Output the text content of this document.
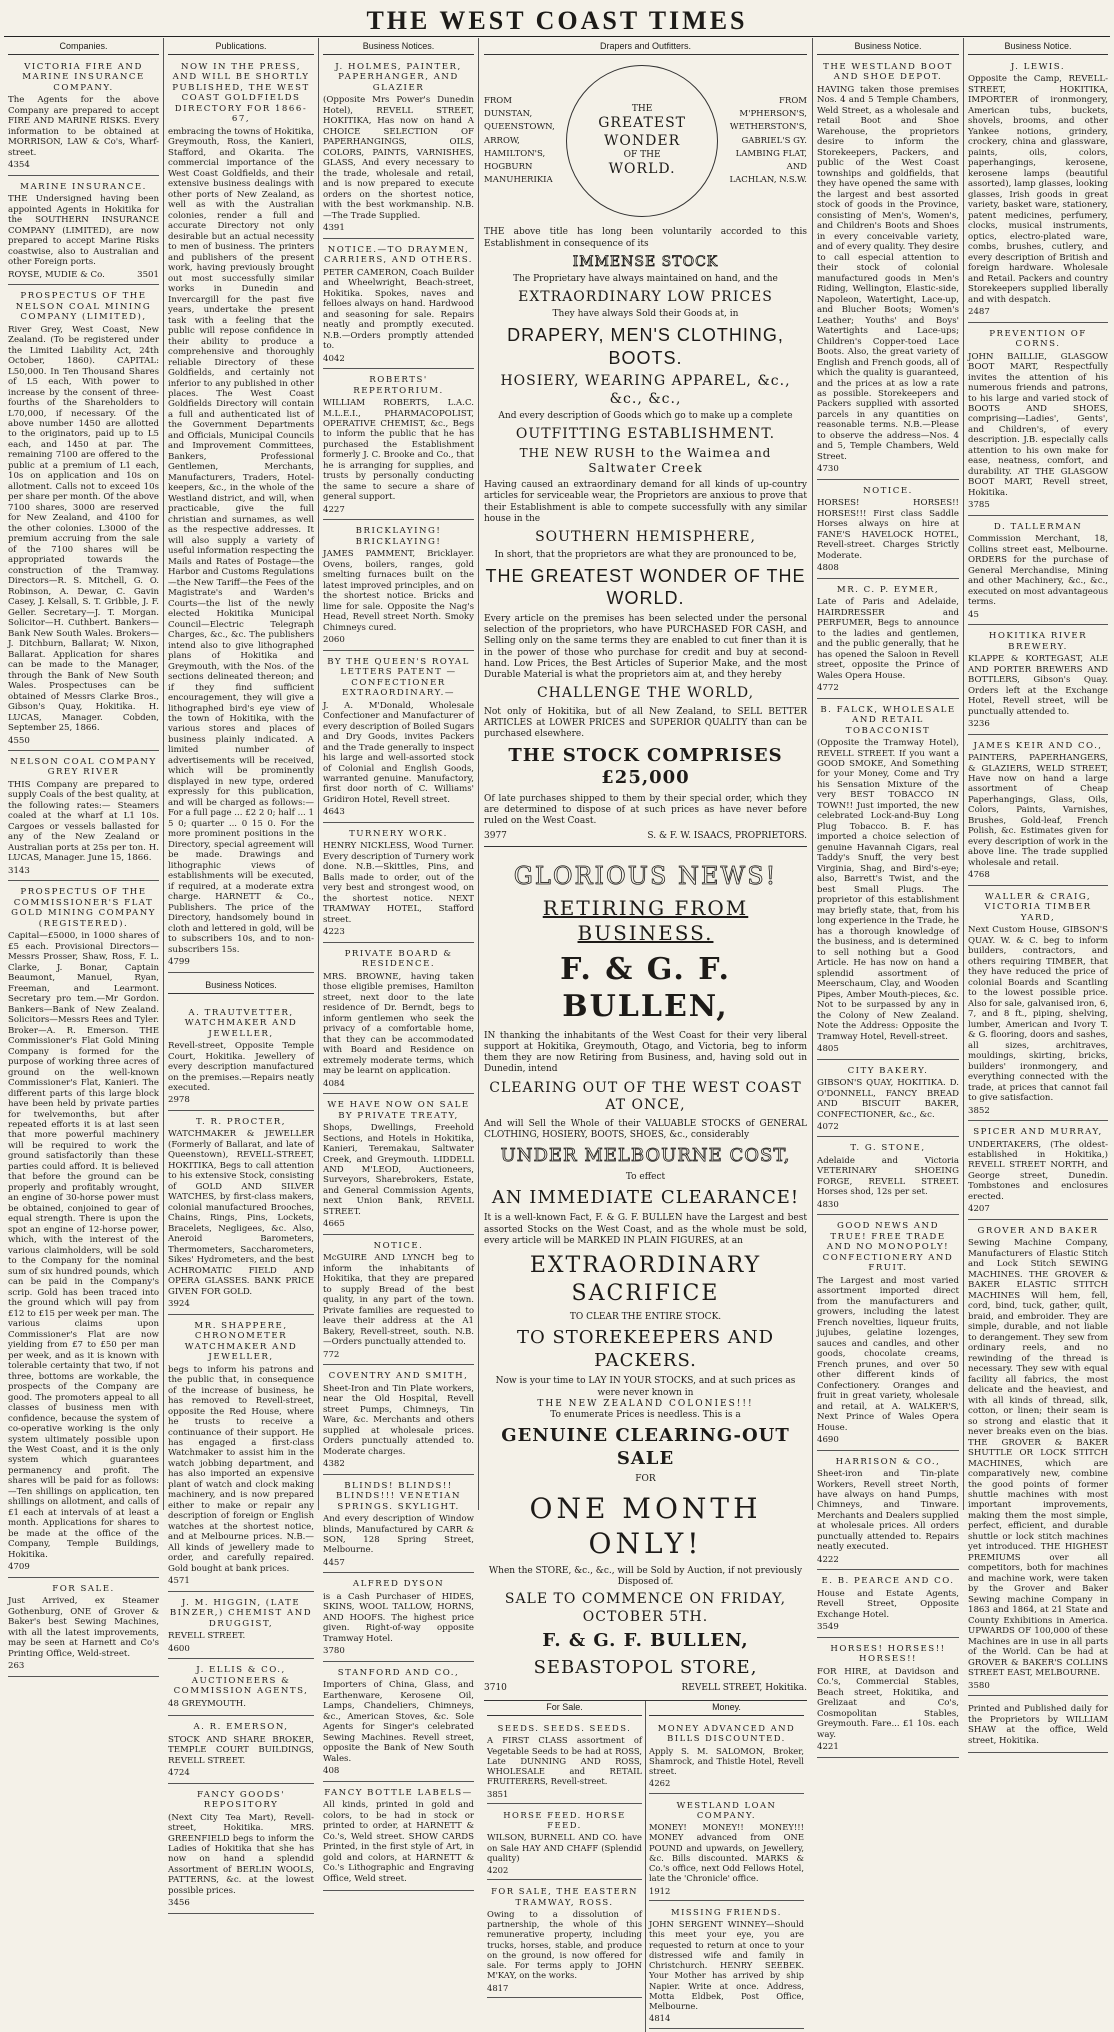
THE WEST COAST TIMES
Companies.
VICTORIA FIRE AND MARINE INSURANCE COMPANY.

The Agents for the above Company are prepared to accept FIRE AND MARINE RISKS. Every information to be obtained at MORRISON, LAW & Co's, Wharf-street.

4354
MARINE INSURANCE.

THE Undersigned having been appointed Agents in Hokitika for the SOUTHERN INSURANCE COMPANY (LIMITED), are now prepared to accept Marine Risks coastwise, also to Australian and other Foreign ports.

ROYSE, MUDIE & Co.	3501
PROSPECTUS OF THE NELSON COAL MINING COMPANY (LIMITED),

River Grey, West Coast, New Zealand. (To be registered under the Limited Liability Act, 24th October, 1860). CAPITAL: L50,000. In Ten Thousand Shares of L5 each, With power to increase by the consent of three-fourths of the Shareholders to L70,000, if necessary. Of the above number 1450 are allotted to the originators, paid up to L5 each, and 1450 at par. The remaining 7100 are offered to the public at a premium of L1 each, 10s on application and 10s on allotment. Calls not to exceed 10s per share per month. Of the above 7100 shares, 3000 are reserved for New Zealand, and 4100 for the other colonies. L3000 of the premium accruing from the sale of the 7100 shares will be appropriated towards the construction of the Tramway. Directors—R. S. Mitchell, G. O. Robinson, A. Dewar, C. Gavin Casey, J. Kelsall, S. T. Gribble, J. F. Geller. Secretary—J. T. Morgan. Solicitor—H. Cuthbert. Bankers—Bank New South Wales. Brokers—J. Ditchburn, Ballarat; W. Nixon, Ballarat. Application for shares can be made to the Manager, through the Bank of New South Wales. Prospectuses can be obtained of Messrs Clarke Bros., Gibson's Quay, Hokitika. H. LUCAS, Manager. Cobden, September 25, 1866.

4550
NELSON COAL COMPANY GREY RIVER

THIS Company are prepared to supply Coals of the best quality, at the following rates:— Steamers coaled at the wharf at L1 10s. Cargoes or vessels ballasted for any of the New Zealand or Australian ports at 25s per ton. H. LUCAS, Manager. June 15, 1866.

3143
PROSPECTUS OF THE COMMISSIONER'S FLAT GOLD MINING COMPANY (REGISTERED).

Capital—£5000, in 1000 shares of £5 each. Provisional Directors—Messrs Prosser, Shaw, Ross, F. L. Clarke, J. Bonar, Captain Beaumont, Manuel, Ryan, Freeman, and Learmont. Secretary pro tem.—Mr Gordon. Bankers—Bank of New Zealand. Solicitors—Messrs Rees and Tyler. Broker—A. R. Emerson. THE Commissioner's Flat Gold Mining Company is formed for the purpose of working three acres of ground on the well-known Commissioner's Flat, Kanieri. The different parts of this large block have been held by private parties for twelvemonths, but after repeated efforts it is at last seen that more powerful machinery will be required to work the ground satisfactorily than these parties could afford. It is believed that before the ground can be properly and profitably wrought, an engine of 30-horse power must be obtained, conjoined to gear of equal strength. There is upon the spot an engine of 12-horse power, which, with the interest of the various claimholders, will be sold to the Company for the nominal sum of six hundred pounds, which can be paid in the Company's scrip. Gold has been traced into the ground which will pay from £12 to £15 per week per man. The various claims upon Commissioner's Flat are now yielding from £7 to £50 per man per week, and as it is known with tolerable certainty that two, if not three, bottoms are workable, the prospects of the Company are good. The promoters appeal to all classes of business men with confidence, because the system of co-operative working is the only system ultimately possible upon the West Coast, and it is the only system which guarantees permanency and profit. The shares will be paid for as follows:—Ten shillings on application, ten shillings on allotment, and calls of £1 each at intervals of at least a month. Applications for shares to be made at the office of the Company, Temple Buildings, Hokitika.

4709
FOR SALE.

Just Arrived, ex Steamer Gothenburg, ONE of Grover & Baker's best Sewing Machines, with all the latest improvements, may be seen at Harnett and Co's Printing Office, Weld-street.

263
Publications.
NOW IN THE PRESS, AND WILL BE SHORTLY PUBLISHED, THE WEST COAST GOLDFIELDS DIRECTORY FOR 1866-67,

embracing the towns of Hokitika, Greymouth, Ross, the Kanieri, Stafford, and Okarita. The commercial importance of the West Coast Goldfields, and their extensive business dealings with other ports of New Zealand, as well as with the Australian colonies, render a full and accurate Directory not only desirable but an actual necessity to men of business. The printers and publishers of the present work, having previously brought out most successfully similar works in Dunedin and Invercargill for the past five years, undertake the present task with a feeling that the public will repose confidence in their ability to produce a comprehensive and thoroughly reliable Directory of these Goldfields, and certainly not inferior to any published in other places. The West Coast Goldfields Directory will contain a full and authenticated list of the Government Departments and Officials, Municipal Councils and Improvement Committees, Bankers, Professional Gentlemen, Merchants, Manufacturers, Traders, Hotel-keepers, &c., in the whole of the Westland district, and will, when practicable, give the full christian and surnames, as well as the respective addresses. It will also supply a variety of useful information respecting the Mails and Rates of Postage—the Harbor and Customs Regulations—the New Tariff—the Fees of the Magistrate's and Warden's Courts—the list of the newly elected Hokitika Municipal Council—Electric Telegraph Charges, &c., &c. The publishers intend also to give lithographed plans of Hokitika and Greymouth, with the Nos. of the sections delineated thereon; and if they find sufficient encouragement, they will give a lithographed bird's eye view of the town of Hokitika, with the various stores and places of business plainly indicated. A limited number of advertisements will be received, which will be prominently displayed in new type, ordered expressly for this publication, and will be charged as follows:— For a full page ... £2 2 0; half ... 1 5 0; quarter ... 0 15 0. For the more prominent positions in the Directory, special agreement will be made. Drawings and lithographic views of establishments will be executed, if required, at a moderate extra charge. HARNETT & Co., Publishers. The price of the Directory, handsomely bound in cloth and lettered in gold, will be to subscribers 10s, and to non-subscribers 15s.

4799
Business Notices.
A. TRAUTVETTER, WATCHMAKER AND JEWELLER,

Revell-street, Opposite Temple Court, Hokitika. Jewellery of every description manufactured on the premises.—Repairs neatly executed.

2978
T. R. PROCTER,

WATCHMAKER & JEWELLER (Formerly of Ballarat, and late of Queenstown), REVELL-STREET, HOKITIKA, Begs to call attention to his extensive Stock, consisting of GOLD AND SILVER WATCHES, by first-class makers, colonial manufactured Brooches, Chains, Rings, Pins, Lockets, Bracelets, Negligees, &c. Also, Aneroid Barometers, Thermometers, Saccharometers, Sikes' Hydrometers, and the best ACHROMATIC FIELD AND OPERA GLASSES. BANK PRICE GIVEN FOR GOLD.

3924
MR. SHAPPERE, CHRONOMETER WATCHMAKER AND JEWELLER,

begs to inform his patrons and the public that, in consequence of the increase of business, he has removed to Revell-street, opposite the Red House, where he trusts to receive a continuance of their support. He has engaged a first-class Watchmaker to assist him in the watch jobbing department, and has also imported an expensive plant of watch and clock making machinery, and is now prepared either to make or repair any description of foreign or English watches at the shortest notice, and at Melbourne prices. N.B.—All kinds of jewellery made to order, and carefully repaired. Gold bought at bank prices.

4571
J. M. HIGGIN, (LATE BINZER,) CHEMIST AND DRUGGIST,

REVELL STREET.

4600
J. ELLIS & CO., AUCTIONEERS & COMMISSION AGENTS,

48 GREYMOUTH.

A. R. EMERSON,

STOCK AND SHARE BROKER, TEMPLE COURT BUILDINGS, REVELL STREET.

4724
FANCY GOODS' REPOSITORY

(Next City Tea Mart), Revell-street, Hokitika. MRS. GREENFIELD begs to inform the Ladies of Hokitika that she has now on hand a splendid Assortment of BERLIN WOOLS, PATTERNS, &c. at the lowest possible prices.

3456
Business Notices.
J. HOLMES, PAINTER, PAPERHANGER, AND GLAZIER

(Opposite Mrs Power's Dunedin Hotel), REVELL STREET, HOKITIKA, Has now on hand A CHOICE SELECTION OF PAPERHANGINGS, OILS, COLORS, PAINTS, VARNISHES, GLASS, And every necessary to the trade, wholesale and retail, and is now prepared to execute orders on the shortest notice, with the best workmanship. N.B.—The Trade Supplied.

4391
NOTICE.—TO DRAYMEN, CARRIERS, AND OTHERS.

PETER CAMERON, Coach Builder and Wheelwright, Beach-street, Hokitika. Spokes, naves and felloes always on hand. Hardwood and seasoning for sale. Repairs neatly and promptly executed. N.B.—Orders promptly attended to.

4042
ROBERTS' REPERTORIUM.

WILLIAM ROBERTS, L.A.C. M.L.E.I., PHARMACOPOLIST, OPERATIVE CHEMIST, &c., Begs to inform the public that he has purchased the Establishment formerly J. C. Brooke and Co., that he is arranging for supplies, and trusts by personally conducting the same to secure a share of general support.

4227
BRICKLAYING! BRICKLAYING!

JAMES PAMMENT, Bricklayer. Ovens, boilers, ranges, gold smelting furnaces built on the latest improved principles, and on the shortest notice. Bricks and lime for sale. Opposite the Nag's Head, Revell street North. Smoky Chimneys cured.

2060
BY THE QUEEN'S ROYAL LETTERS PATENT —CONFECTIONER EXTRAORDINARY.—

J. A. M'Donald, Wholesale Confectioner and Manufacturer of every description of Boiled Sugars and Dry Goods, invites Packers and the Trade generally to inspect his large and well-assorted stock of Colonial and English Goods, warranted genuine. Manufactory, first door north of C. Williams' Gridiron Hotel, Revell street.

4643
TURNERY WORK.

HENRY NICKLESS, Wood Turner. Every description of Turnery work done. N.B.—Skittles, Pins, and Balls made to order, out of the very best and strongest wood, on the shortest notice. NEXT TRAMWAY HOTEL, Stafford street.

4223
PRIVATE BOARD & RESIDENCE.

MRS. BROWNE, having taken those eligible premises, Hamilton street, next door to the late residence of Dr. Berndt, begs to inform gentlemen who seek the privacy of a comfortable home, that they can be accommodated with Board and Residence on extremely moderate terms, which may be learnt on application.

4084
WE HAVE NOW ON SALE BY PRIVATE TREATY,

Shops, Dwellings, Freehold Sections, and Hotels in Hokitika, Kanieri, Teremakau, Saltwater Creek, and Greymouth. LIDDELL AND M'LEOD, Auctioneers, Surveyors, Sharebrokers, Estate, and General Commission Agents, next Union Bank, REVELL STREET.

4665
NOTICE.

McGUIRE AND LYNCH beg to inform the inhabitants of Hokitika, that they are prepared to supply Bread of the best quality, in any part of the town. Private families are requested to leave their address at the A1 Bakery, Revell-street, south. N.B.—Orders punctually attended to.

772
COVENTRY AND SMITH,

Sheet-Iron and Tin Plate workers, near the Old Hospital, Revell street Pumps, Chimneys, Tin Ware, &c. Merchants and others supplied at wholesale prices. Orders punctually attended to. Moderate charges.

4382
BLINDS! BLINDS!! BLINDS!!! VENETIAN SPRINGS. SKYLIGHT.

And every description of Window blinds, Manufactured by CARR & SON, 128 Spring Street, Melbourne.

4457
ALFRED DYSON

is a Cash Purchaser of HIDES, SKINS, WOOL TALLOW, HORNS, AND HOOFS. The highest price given. Right-of-way opposite Tramway Hotel.

3780
STANFORD AND CO.,

Importers of China, Glass, and Earthenware, Kerosene Oil, Lamps, Chandeliers, Chimneys, &c., American Stoves, &c. Sole Agents for Singer's celebrated Sewing Machines. Revell street, opposite the Bank of New South Wales.

408
FANCY BOTTLE LABELS—

All kinds, printed in gold and colors, to be had in stock or printed to order, at HARNETT & Co.'s, Weld street. SHOW CARDS Printed, in the first style of Art, in gold and colors, at HARNETT & Co.'s Lithographic and Engraving Office, Weld street.

Drapers and Outfitters.
FROM
DUNSTAN,
QUEENSTOWN,
ARROW,
HAMILTON'S,
HOGBURN
MANUHERIKIA
THE
GREATEST WONDER
OF THE
WORLD.
FROM
M'PHERSON'S,
WETHERSTON'S,
GABRIEL'S GY.
LAMBING FLAT,
AND
LACHLAN, N.S.W.
THE above title has long been voluntarily accorded to this Establishment in consequence of its
IMMENSE STOCK
The Proprietary have always maintained on hand, and the
EXTRAORDINARY LOW PRICES
They have always Sold their Goods at, in
DRAPERY, MEN'S CLOTHING, BOOTS.
HOSIERY, WEARING APPAREL, &c., &c., &c.,
And every description of Goods which go to make up a complete
OUTFITTING ESTABLISHMENT.
THE NEW RUSH to the Waimea and Saltwater Creek
Having caused an extraordinary demand for all kinds of up-country articles for serviceable wear, the Proprietors are anxious to prove that their Establishment is able to compete successfully with any similar house in the
SOUTHERN HEMISPHERE,
In short, that the proprietors are what they are pronounced to be,
THE GREATEST WONDER OF THE WORLD.
Every article on the premises has been selected under the personal selection of the proprietors, who have PURCHASED FOR CASH, and Selling only on the same terms they are enabled to cut finer than it is in the power of those who purchase for credit and buy at second-hand. Low Prices, the Best Articles of Superior Make, and the most Durable Material is what the proprietors aim at, and they hereby
CHALLENGE THE WORLD,
Not only of Hokitika, but of all New Zealand, to SELL BETTER ARTICLES at LOWER PRICES and SUPERIOR QUALITY than can be purchased elsewhere.
THE STOCK COMPRISES £25,000
Of late purchases shipped to them by their special order, which they are determined to dispose of at such prices as have never before ruled on the West Coast.
3977	S. & F. W. ISAACS, PROPRIETORS.
GLORIOUS NEWS!
RETIRING FROM BUSINESS.
F. & G. F. BULLEN,
IN thanking the inhabitants of the West Coast for their very liberal support at Hokitika, Greymouth, Otago, and Victoria, beg to inform them they are now Retiring from Business, and, having sold out in Dunedin, intend
CLEARING OUT OF THE WEST COAST AT ONCE,
And will Sell the Whole of their VALUABLE STOCKS of GENERAL CLOTHING, HOSIERY, BOOTS, SHOES, &c., considerably
UNDER MELBOURNE COST,
To effect
AN IMMEDIATE CLEARANCE!
It is a well-known Fact, F. & G. F. BULLEN have the Largest and best assorted Stocks on the West Coast, and as the whole must be sold, every article will be MARKED IN PLAIN FIGURES, at an
EXTRAORDINARY SACRIFICE
TO CLEAR THE ENTIRE STOCK.
TO STOREKEEPERS AND PACKERS.
Now is your time to LAY IN YOUR STOCKS, and at such prices as were never known in
THE NEW ZEALAND COLONIES!!!
To enumerate Prices is needless. This is a
GENUINE CLEARING-OUT SALE
FOR
ONE MONTH ONLY!
When the STORE, &c., &c., will be Sold by Auction, if not previously Disposed of.
SALE TO COMMENCE ON FRIDAY, OCTOBER 5TH.
F. & G. F. BULLEN,
SEBASTOPOL STORE,
3710	REVELL STREET, Hokitika.
For Sale.
SEEDS. SEEDS. SEEDS.

A FIRST CLASS assortment of Vegetable Seeds to be had at ROSS, Late DUNNING AND ROSS, WHOLESALE and RETAIL FRUITERERS, Revell-street.

3851
HORSE FEED. HORSE FEED.

WILSON, BURNELL AND CO. have on Sale HAY AND CHAFF (Splendid quality)

4202
FOR SALE, THE EASTERN TRAMWAY, ROSS.

Owing to a dissolution of partnership, the whole of this remunerative property, including trucks, horses, stable, and produce on the ground, is now offered for sale. For terms apply to JOHN M'KAY, on the works.

4817
Money.
MONEY ADVANCED AND BILLS DISCOUNTED.

Apply S. M. SALOMON, Broker, Shamrock, and Thistle Hotel, Revell street.

4262
WESTLAND LOAN COMPANY.

MONEY! MONEY!! MONEY!!! MONEY advanced from ONE POUND and upwards, on Jewellery, &c. Bills discounted. MARKS & Co.'s office, next Odd Fellows Hotel, late the 'Chronicle' office.

1912
MISSING FRIENDS.

JOHN SERGENT WINNEY—Should this meet your eye, you are requested to return at once to your distressed wife and family in Christchurch. HENRY SEEBEK. Your Mother has arrived by ship Napier. Write at once. Address, Motta Eldbek, Post Office, Melbourne.

4814
Business Notice.
THE WESTLAND BOOT AND SHOE DEPOT.

HAVING taken those premises Nos. 4 and 5 Temple Chambers, Weld Street, as a wholesale and retail Boot and Shoe Warehouse, the proprietors desire to inform the Storekeepers, Packers, and public of the West Coast townships and goldfields, that they have opened the same with the largest and best assorted stock of goods in the Province, consisting of Men's, Women's, and Children's Boots and Shoes in every conceivable variety, and of every quality. They desire to call especial attention to their stock of colonial manufactured goods in Men's Riding, Wellington, Elastic-side, Napoleon, Watertight, Lace-up, and Blucher Boots; Women's Leather; Youths' and Boys' Watertights and Lace-ups; Children's Copper-toed Lace Boots. Also, the great variety of English and French goods, all of which the quality is guaranteed, and the prices at as low a rate as possible. Storekeepers and Packers supplied with assorted parcels in any quantities on reasonable terms. N.B.—Please to observe the address—Nos. 4 and 5, Temple Chambers, Weld Street.

4730
NOTICE.

HORSES! HORSES!! HORSES!!! First class Saddle Horses always on hire at FANE'S HAVELOCK HOTEL, Revell-street. Charges Strictly Moderate.

4808
MR. C. P. EYMER,

Late of Paris and Adelaide, HAIRDRESSER and PERFUMER, Begs to announce to the ladies and gentlemen, and the public generally, that he has opened the Saloon in Revell street, opposite the Prince of Wales Opera House.

4772
B. FALCK, WHOLESALE AND RETAIL TOBACCONIST

(Opposite the Tramway Hotel), REVELL STREET. If you want a GOOD SMOKE, And Something for your Money, Come and Try his Sensation Mixture of the very BEST TOBACCO IN TOWN!! Just imported, the new celebrated Lock-and-Buy Long Plug Tobacco. B. F. has imported a choice selection of genuine Havannah Cigars, real Taddy's Snuff, the very best Virginia, Shag, and Bird's-eye; also, Barrett's Twist, and the best Small Plugs. The proprietor of this establishment may briefly state, that, from his long experience in the Trade, he has a thorough knowledge of the business, and is determined to sell nothing but a Good Article. He has now on hand a splendid assortment of Meerschaum, Clay, and Wooden Pipes, Amber Mouth-pieces, &c. Not to be surpassed by any in the Colony of New Zealand. Note the Address: Opposite the Tramway Hotel, Revell-street.

4805
CITY BAKERY.

GIBSON'S QUAY, HOKITIKA. D. O'DONNELL, FANCY BREAD AND BISCUIT BAKER, CONFECTIONER, &c., &c.

4072
T. G. STONE,

Adelaide and Victoria VETERINARY SHOEING FORGE, REVELL STREET. Horses shod, 12s per set.

4830
GOOD NEWS AND TRUE! FREE TRADE AND NO MONOPOLY! CONFECTIONERY AND FRUIT.

The Largest and most varied assortment imported direct from the manufacturers and growers, including the latest French novelties, liqueur fruits, jujubes, gelatine lozenges, sauces and candles, and other goods, chocolate creams, French prunes, and over 50 other different kinds of Confectionery. Oranges and fruit in great variety, wholesale and retail, at A. WALKER'S, Next Prince of Wales Opera House.

4690
HARRISON & CO.,

Sheet-iron and Tin-plate Workers, Revell street North, have always on hand Pumps, Chimneys, and Tinware. Merchants and Dealers supplied at wholesale prices. All orders punctually attended to. Repairs neatly executed.

4222
E. B. PEARCE AND CO.

House and Estate Agents, Revell Street, Opposite Exchange Hotel.

3549
HORSES! HORSES!! HORSES!!

FOR HIRE, at Davidson and Co.'s, Commercial Stables, Beach street, Hokitika, and Grelizaat and Co's, Cosmopolitan Stables, Greymouth. Fare... £1 10s. each way.

4221
Business Notice.
J. LEWIS.

Opposite the Camp, REVELL-STREET, HOKITIKA, IMPORTER of ironmongery, American tubs, buckets, shovels, brooms, and other Yankee notions, grindery, crockery, china and glassware, paints, oils, colors, paperhangings, kerosene, kerosene lamps (beautiful assorted), lamp glasses, looking glasses, Irish goods in great variety, basket ware, stationery, patent medicines, perfumery, clocks, musical instruments, optics, electro-plated ware, combs, brushes, cutlery, and every description of British and foreign hardware. Wholesale and Retail. Packers and country Storekeepers supplied liberally and with despatch.

2487
PREVENTION OF CORNS.

JOHN BAILLIE, GLASGOW BOOT MART, Respectfully invites the attention of his numerous friends and patrons, to his large and varied stock of BOOTS AND SHOES, comprising—Ladies', Gents', and Children's, of every description. J.B. especially calls attention to his own make for ease, neatness, comfort, and durability. AT THE GLASGOW BOOT MART, Revell street, Hokitika.

3785
D. TALLERMAN

Commission Merchant, 18, Collins street east, Melbourne. ORDERS for the purchase of General Merchandise, Mining and other Machinery, &c., &c., executed on most advantageous terms.

45
HOKITIKA RIVER BREWERY.

KLAPPE & KORTEGAST, ALE AND PORTER BREWERS AND BOTTLERS, Gibson's Quay. Orders left at the Exchange Hotel, Revell street, will be punctually attended to.

3236
JAMES KEIR AND CO.,

PAINTERS, PAPERHANGERS, & GLAZIERS, WELD STREET, Have now on hand a large assortment of Cheap Paperhangings, Glass, Oils, Colors, Paints, Varnishes, Brushes, Gold-leaf, French Polish, &c. Estimates given for every description of work in the above line. The trade supplied wholesale and retail.

4768
WALLER & CRAIG, VICTORIA TIMBER YARD,

Next Custom House, GIBSON'S QUAY. W. & C. beg to inform builders, contractors, and others requiring TIMBER, that they have reduced the price of colonial Boards and Scantling to the lowest possible price. Also for sale, galvanised iron, 6, 7, and 8 ft., piping, shelving, lumber, American and Ivory T. & G. flooring, doors and sashes, all sizes, architraves, mouldings, skirting, bricks, builders' ironmongery, and everything connected with the trade, at prices that cannot fail to give satisfaction.

3852
SPICER AND MURRAY,

UNDERTAKERS, (The oldest-established in Hokitika,) REVELL STREET NORTH, and George street, Dunedin. Tombstones and enclosures erected.

4207
GROVER AND BAKER

Sewing Machine Company, Manufacturers of Elastic Stitch and Lock Stitch SEWING MACHINES. THE GROVER & BAKER ELASTIC STITCH MACHINES Will hem, fell, cord, bind, tuck, gather, quilt, braid, and embroider. They are simple, durable, and not liable to derangement. They sew from ordinary reels, and no rewinding of the thread is necessary. They sew with equal facility all fabrics, the most delicate and the heaviest, and with all kinds of thread, silk, cotton, or linen; their seam is so strong and elastic that it never breaks even on the bias. THE GROVER & BAKER SHUTTLE OR LOCK STITCH MACHINES, which are comparatively new, combine the good points of former shuttle machines with most important improvements, making them the most simple, perfect, efficient, and durable shuttle or lock stitch machines yet introduced. THE HIGHEST PREMIUMS over all competitors, both for machines and machine work, were taken by the Grover and Baker Sewing machine Company in 1863 and 1864, at 21 State and County Exhibitions in America. UPWARDS OF 100,000 of these Machines are in use in all parts of the World. Can be had at GROVER & BAKER'S COLLINS STREET EAST, MELBOURNE.

3580

Printed and Published daily for the Proprietors by WILLIAM SHAW at the office, Weld street, Hokitika.
